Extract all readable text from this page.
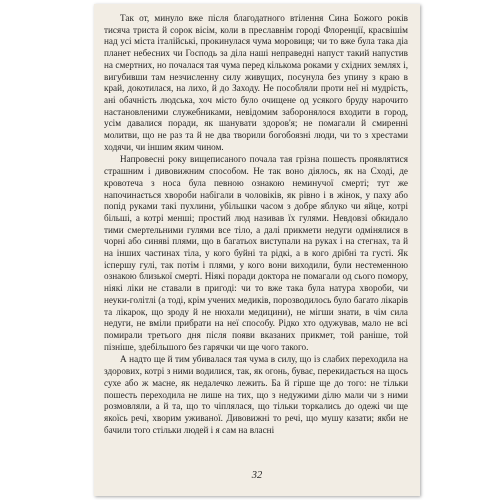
Так от, минуло вже після благодатного втілення Сина Божого років тисяча триста й сорок вісім, коли в преславнім городі Флоренції, красвішім над усі міста італійські, прокинулася чума моровиця; чи то вже була така діа планет небесних чи Господь за діла наші неправедні напуст такий напустив на смертних, но почалася тая чума перед кількома роками у східних землях і, вигубивши там незчисленну силу живущих, посунула без упину з краю в край, докотилася, на лихо, й до Заходу. Не пособляли проти неї ні мудрість, ані обачність людська, хоч місто було очищене од усякого бруду нарочито настановленими служебниками, невідомим заборонялося входити в город, усім давалися поради, як шанувати здоров'я; не помагали й смиренні молитви, що не раз та й не два творили богобоязні люди, чи то з хрестами ходячи, чи іншим яким чином.

Напровесні року вищеписаного почала тая грізна пошесть проявлятися страшним і дивовижним способом. Не так воно діялось, як на Сході, де кровотеча з носа була певною ознакою неминучої смерті; тут же напочинається хвороби набігали в чоловіків, як рівно і в жінок, у паху або попід руками такі пухлини, убільшки часом з добре яблуко чи яйце, котрі більші, а котрі менші; простий люд називав їх гулями. Невдовзі обкидало тими смертельними гулями все тіло, а далі прикмети недуги одмінялися в чорні або синяві плями, що в багатьох виступали на руках і на стегнах, та й на інших частинах тіла, у кого буйні та рідкі, а в кого дрібні та густі. Як іспершу гулі, так потім і плями, у кого вони виходили, були нестеменною ознакою близької смерті. Ніякі поради доктора не помагали од сього помору, ніякі ліки не ставали в пригоді: чи то вже така була натура хвороби, чи неуки-голітлі (а тоді, крім учених медиків, порозводилось було багато лікарів та лікарок, що зроду й не нюхали медицини), не мігши знати, в чім сила недуги, не вміли прибрати на неї способу. Рідко хто одужував, мало не всі помирали третього дня після появи вказаних прикмет, той раніше, той пізніше, здебільшого без гарячки чи ще чого такого.

А надто ще й тим убивалася тая чума в силу, що із слабих переходила на здорових, котрі з ними водилися, так, як огонь, буває, перекидається на щось сухе або ж масне, як недалечко лежить. Ба й гірше ще до того: не тільки пошесть переходила не лише на тих, що з недужими ділю мали чи з ними розмовляли, а й та, що то чіплялася, що тільки торкались до одежі чи ще якоїсь речі, хворим уживаної. Дивовижні то речі, що мушу казати; якби не бачили того стільки людей і я сам на власні

32
